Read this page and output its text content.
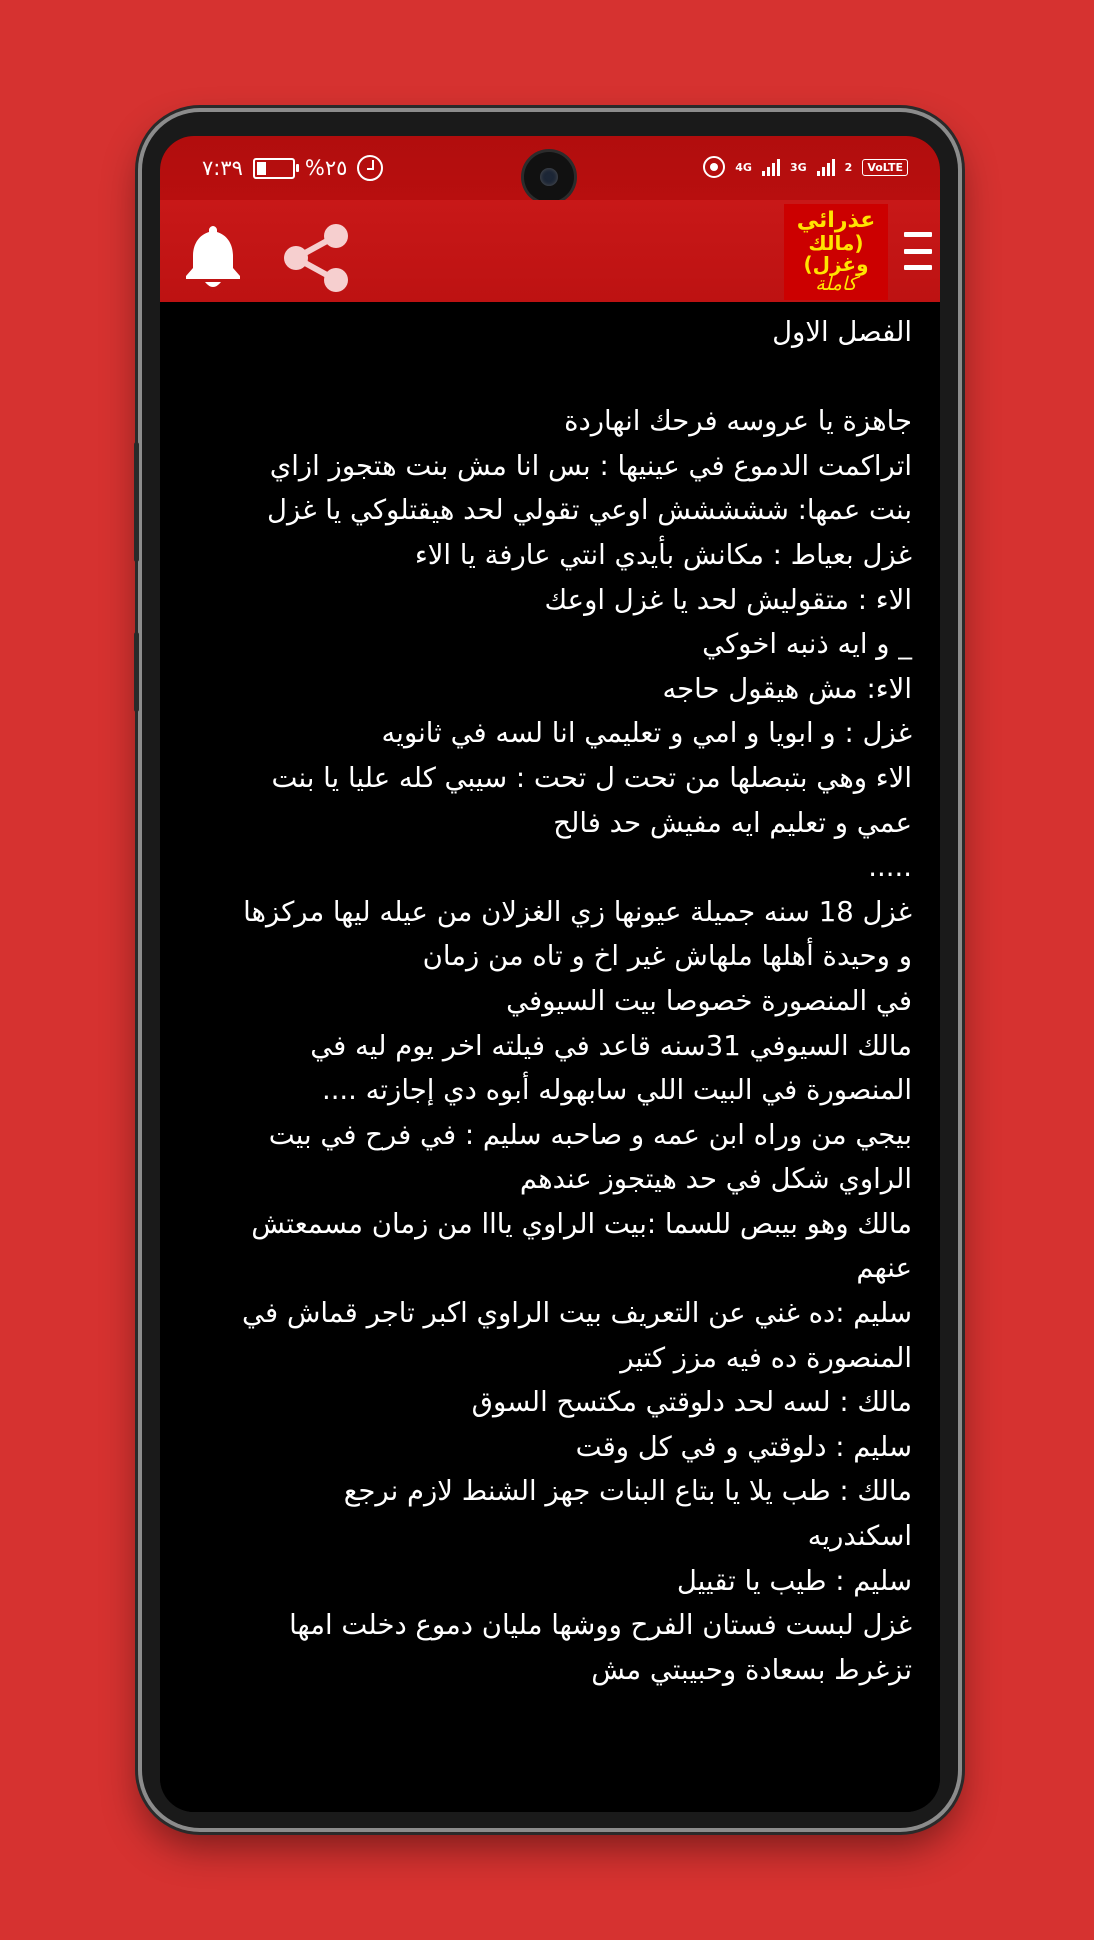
٧:٣٩	%٢٥	4G	3G	2	VoLTE
عذرائي
(مالك وغزل)
كاملة

الفصل الاول

جاهزة يا عروسه فرحك انهاردة

اتراكمت الدموع في عينيها : بس انا مش بنت هتجوز ازاي

بنت عمها: ششششش اوعي تقولي لحد هيقتلوكي يا غزل

غزل بعياط : مكانش بأيدي انتي عارفة يا الاء

الاء : متقوليش لحد يا غزل اوعك

_ و ايه ذنبه اخوكي

الاء: مش هيقول حاجه

غزل : و ابويا و امي و تعليمي انا لسه في ثانويه

الاء وهي بتبصلها من تحت ل تحت : سيبي كله عليا يا بنت

عمي و تعليم ايه مفيش حد فالح

.....

غزل 18 سنه جميلة عيونها زي الغزلان من عيله ليها مركزها

و وحيدة أهلها ملهاش غير اخ و تاه من زمان

في المنصورة خصوصا بيت السيوفي

مالك السيوفي 31سنه قاعد في فيلته اخر يوم ليه في

المنصورة في البيت اللي سابهوله أبوه دي إجازته ....

بيجي من وراه ابن عمه و صاحبه سليم : في فرح في بيت

الراوي شكل في حد هيتجوز عندهم

مالك وهو بيبص للسما :بيت الراوي يااا من زمان مسمعتش

عنهم

سليم :ده غني عن التعريف بيت الراوي اكبر تاجر قماش في

المنصورة ده فيه مزز كتير

مالك : لسه لحد دلوقتي مكتسح السوق

سليم : دلوقتي و في كل وقت

مالك : طب يلا يا بتاع البنات جهز الشنط لازم نرجع

اسكندريه

سليم : طيب يا تقييل

غزل لبست فستان الفرح ووشها مليان دموع دخلت امها

تزغرط بسعادة وحبيبتي مش
